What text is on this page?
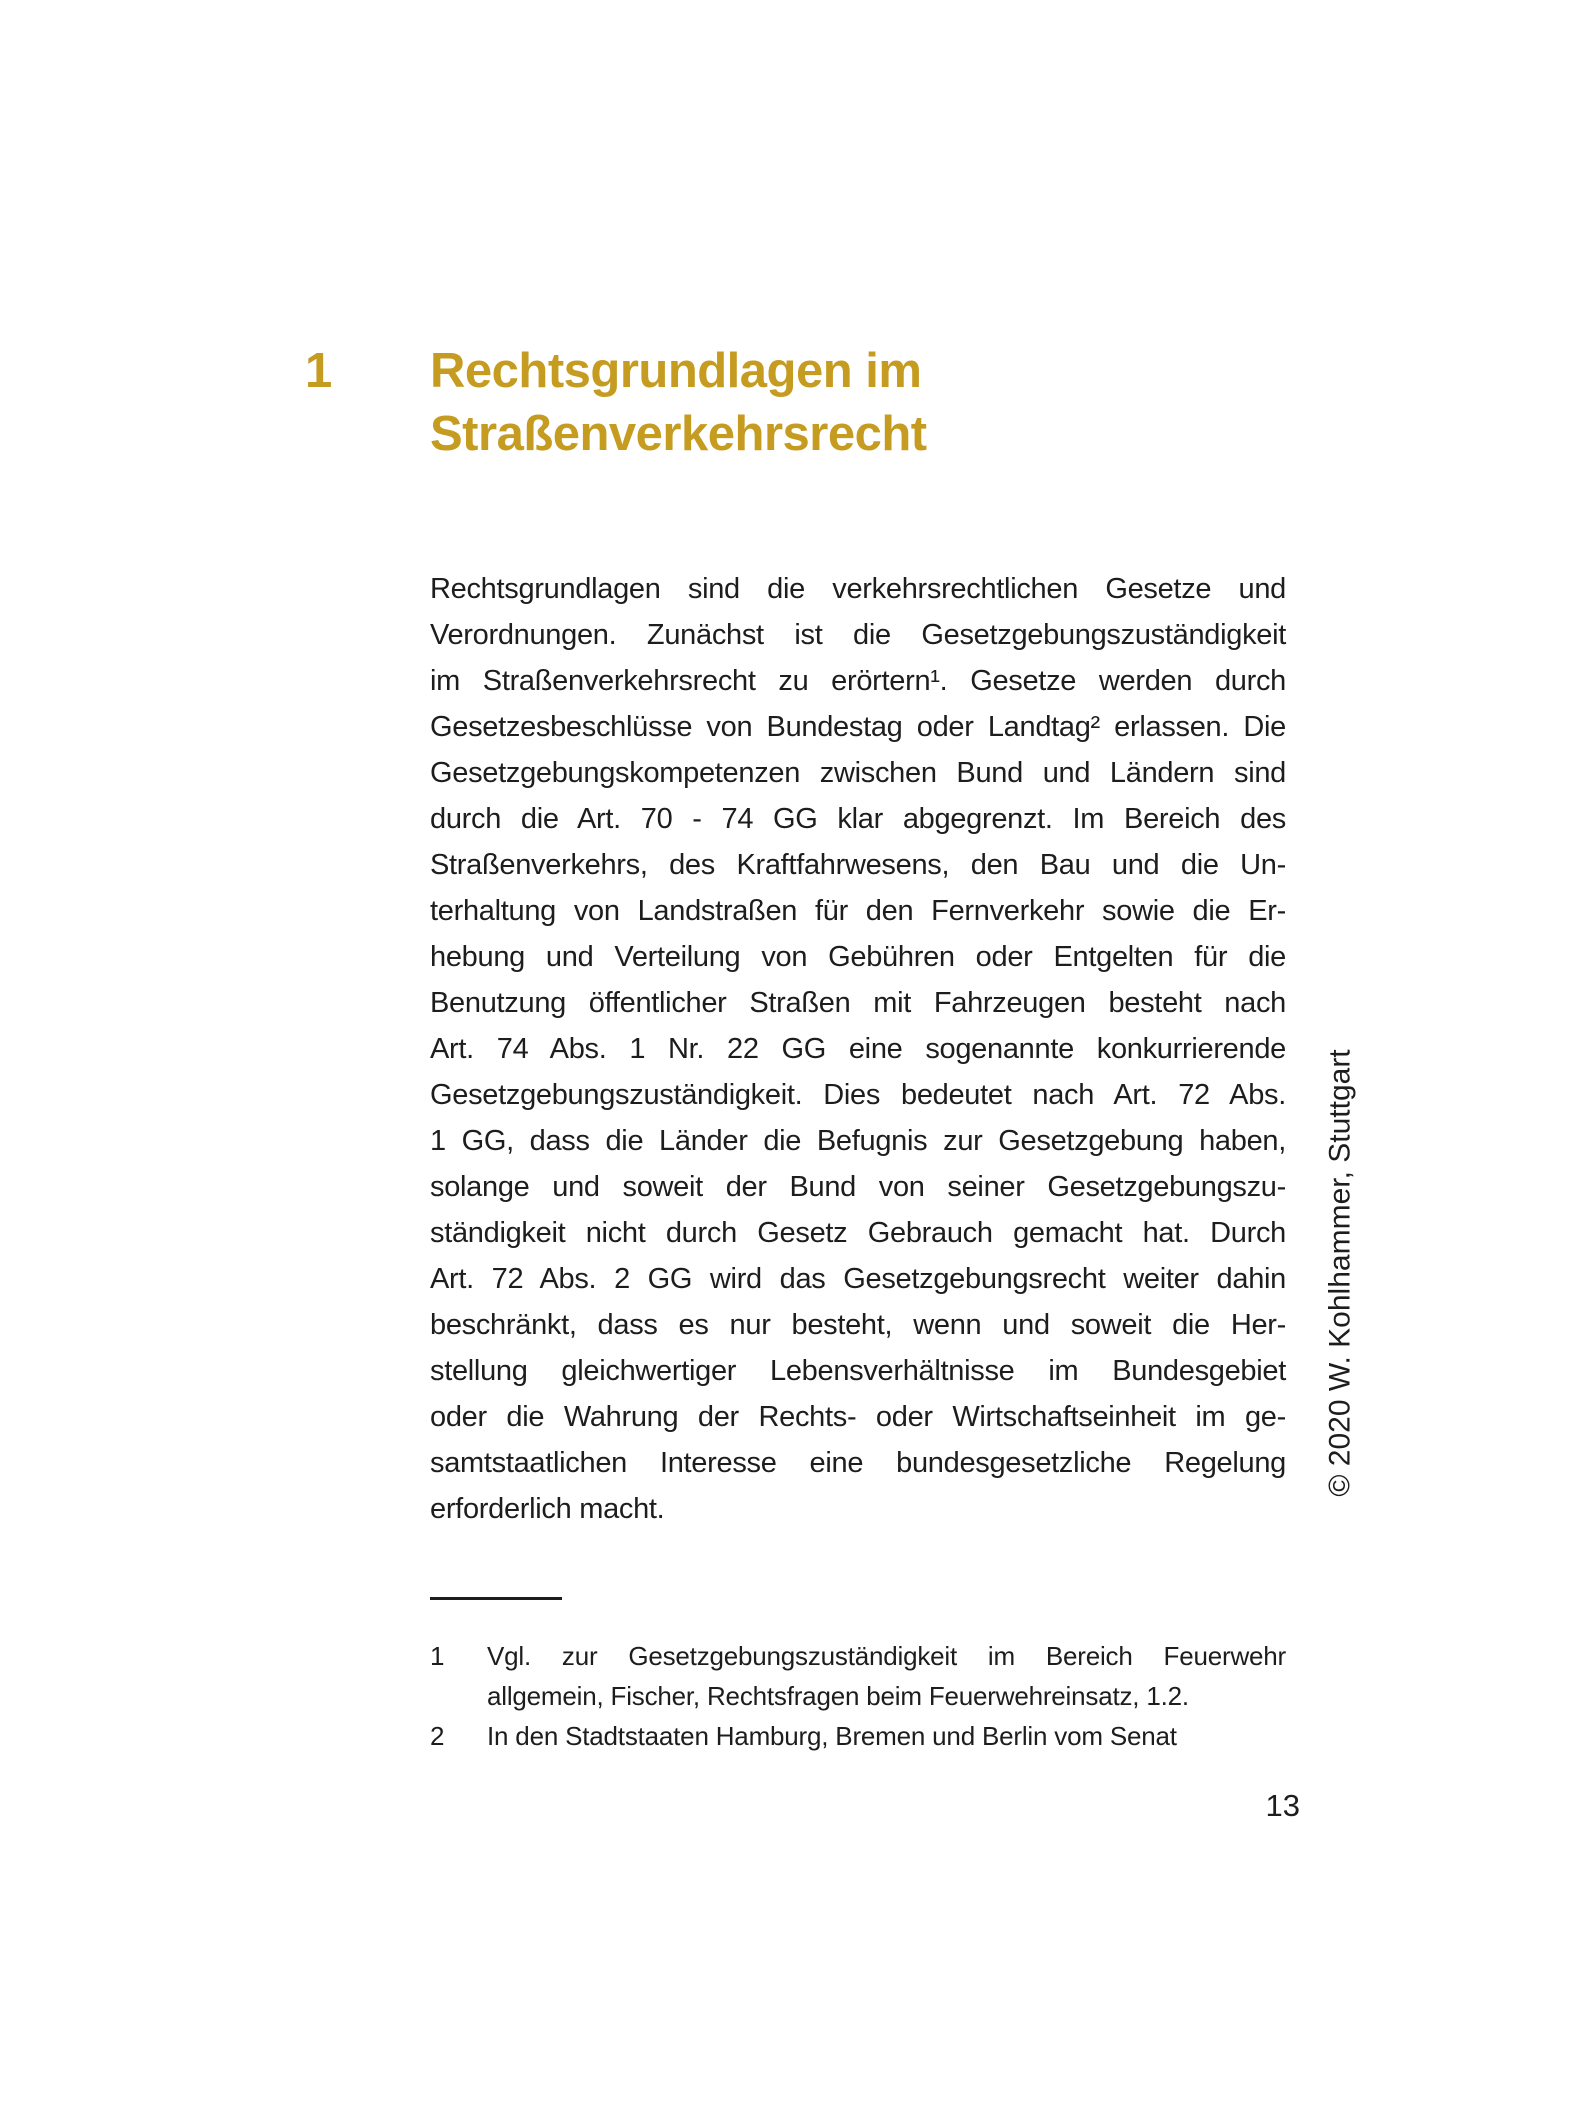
1	Rechtsgrundlagen im
Straßenverkehrsrecht
Rechtsgrundlagen sind die verkehrsrechtlichen Gesetze und
Verordnungen. Zunächst ist die Gesetzgebungszuständigkeit
im Straßenverkehrsrecht zu erörtern¹. Gesetze werden durch
Gesetzesbeschlüsse von Bundestag oder Landtag² erlassen. Die
Gesetzgebungskompetenzen zwischen Bund und Ländern sind
durch die Art. 70 - 74 GG klar abgegrenzt. Im Bereich des
Straßenverkehrs, des Kraftfahrwesens, den Bau und die Un-
terhaltung von Landstraßen für den Fernverkehr sowie die Er-
hebung und Verteilung von Gebühren oder Entgelten für die
Benutzung öffentlicher Straßen mit Fahrzeugen besteht nach
Art. 74 Abs. 1 Nr. 22 GG eine sogenannte konkurrierende
Gesetzgebungszuständigkeit. Dies bedeutet nach Art. 72 Abs.
1 GG, dass die Länder die Befugnis zur Gesetzgebung haben,
solange und soweit der Bund von seiner Gesetzgebungszu-
ständigkeit nicht durch Gesetz Gebrauch gemacht hat. Durch
Art. 72 Abs. 2 GG wird das Gesetzgebungsrecht weiter dahin
beschränkt, dass es nur besteht, wenn und soweit die Her-
stellung gleichwertiger Lebensverhältnisse im Bundesgebiet
oder die Wahrung der Rechts- oder Wirtschaftseinheit im ge-
samtstaatlichen Interesse eine bundesgesetzliche Regelung
erforderlich macht.
1	Vgl. zur Gesetzgebungszuständigkeit im Bereich Feuerwehr
allgemein, Fischer, Rechtsfragen beim Feuerwehreinsatz, 1.2.
2	In den Stadtstaaten Hamburg, Bremen und Berlin vom Senat
© 2020 W. Kohlhammer, Stuttgart
13
